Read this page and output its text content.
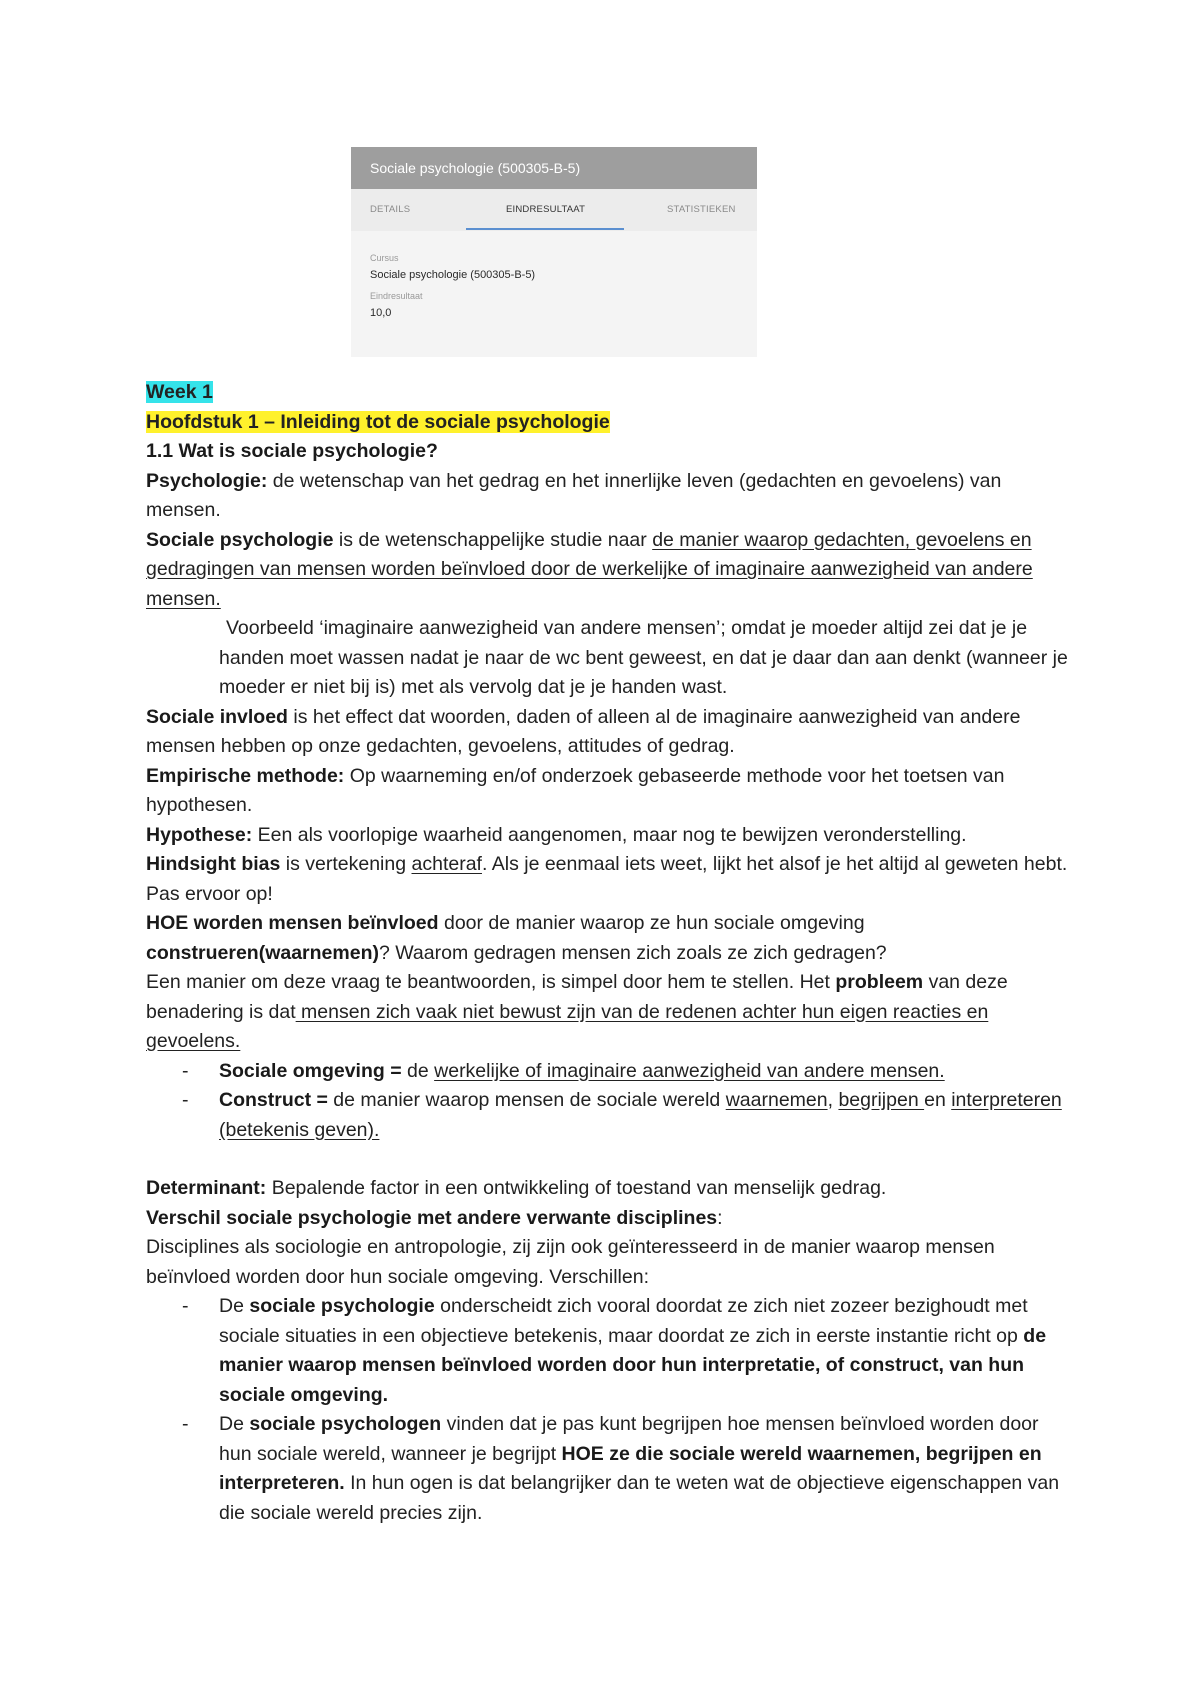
Sociale psychologie (500305-B-5)
DETAILS	EINDRESULTAAT	STATISTIEKEN
Cursus
Sociale psychologie (500305-B-5)
Eindresultaat
10,0

Week 1

Hoofdstuk 1 – Inleiding tot de sociale psychologie

1.1 Wat is sociale psychologie?

Psychologie: de wetenschap van het gedrag en het innerlijke leven (gedachten en gevoelens) van mensen.

Sociale psychologie is de wetenschappelijke studie naar de manier waarop gedachten, gevoelens en gedragingen van mensen worden beïnvloed door de werkelijke of imaginaire aanwezigheid van andere mensen.

Voorbeeld ‘imaginaire aanwezigheid van andere mensen’; omdat je moeder altijd zei dat je je handen moet wassen nadat je naar de wc bent geweest, en dat je daar dan aan denkt (wanneer je moeder er niet bij is) met als vervolg dat je je handen wast.

Sociale invloed is het effect dat woorden, daden of alleen al de imaginaire aanwezigheid van andere mensen hebben op onze gedachten, gevoelens, attitudes of gedrag.

Empirische methode: Op waarneming en/of onderzoek gebaseerde methode voor het toetsen van hypothesen.

Hypothese: Een als voorlopige waarheid aangenomen, maar nog te bewijzen veronderstelling.

Hindsight bias is vertekening achteraf. Als je eenmaal iets weet, lijkt het alsof je het altijd al geweten hebt. Pas ervoor op!

HOE worden mensen beïnvloed door de manier waarop ze hun sociale omgeving construeren(waarnemen)? Waarom gedragen mensen zich zoals ze zich gedragen?

Een manier om deze vraag te beantwoorden, is simpel door hem te stellen. Het probleem van deze benadering is dat mensen zich vaak niet bewust zijn van de redenen achter hun eigen reacties en gevoelens.

- Sociale omgeving = de werkelijke of imaginaire aanwezigheid van andere mensen.
- Construct = de manier waarop mensen de sociale wereld waarnemen, begrijpen en interpreteren (betekenis geven).

Determinant: Bepalende factor in een ontwikkeling of toestand van menselijk gedrag.

Verschil sociale psychologie met andere verwante disciplines:

Disciplines als sociologie en antropologie, zij zijn ook geïnteresseerd in de manier waarop mensen beïnvloed worden door hun sociale omgeving. Verschillen:

- De sociale psychologie onderscheidt zich vooral doordat ze zich niet zozeer bezighoudt met sociale situaties in een objectieve betekenis, maar doordat ze zich in eerste instantie richt op de manier waarop mensen beïnvloed worden door hun interpretatie, of construct, van hun sociale omgeving.
- De sociale psychologen vinden dat je pas kunt begrijpen hoe mensen beïnvloed worden door hun sociale wereld, wanneer je begrijpt HOE ze die sociale wereld waarnemen, begrijpen en interpreteren. In hun ogen is dat belangrijker dan te weten wat de objectieve eigenschappen van die sociale wereld precies zijn.
